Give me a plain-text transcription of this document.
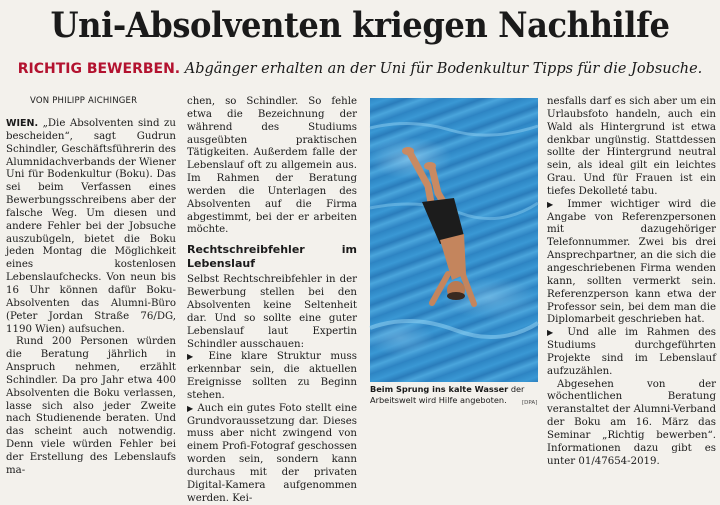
Uni-Absolventen kriegen Nachhilfe
RICHTIG BEWERBEN. Abgänger erhalten an der Uni für Bodenkultur Tipps für die Jobsuche.
VON PHILIPP AICHINGER

WIEN. „Die Absolventen sind zu bescheiden“, sagt Gudrun Schindler, Geschäftsführerin des Alumnidachverbands der Wiener Uni für Bodenkultur (Boku). Das sei beim Verfassen eines Bewerbungsschreibens aber der falsche Weg. Um diesen und andere Fehler bei der Jobsuche auszubügeln, bietet die Boku jeden Montag die Möglichkeit eines kostenlosen Lebenslaufchecks. Von neun bis 16 Uhr können dafür Boku-Absolventen das Alumni-Büro (Peter Jordan Straße 76/DG, 1190 Wien) aufsuchen.

Rund 200 Personen würden die Beratung jährlich in Anspruch nehmen, erzählt Schindler. Da pro Jahr etwa 400 Absolventen die Boku verlassen, lasse sich also jeder Zweite nach Studienende beraten. Und das scheint auch notwendig. Denn viele würden Fehler bei der Erstellung des Lebenslaufs ma-

chen, so Schindler. So fehle etwa die Bezeichnung der während des Studiums ausgeübten praktischen Tätigkeiten. Außerdem falle der Lebenslauf oft zu allgemein aus. Im Rahmen der Beratung werden die Unterlagen des Absolventen auf die Firma abgestimmt, bei der er arbeiten möchte.

Rechtschreibfehler im Lebenslauf

Selbst Rechtschreibfehler in der Bewerbung stellen bei den Absolventen keine Seltenheit dar. Und so sollte eine guter Lebenslauf laut Expertin Schindler ausschauen:

▶ Eine klare Struktur muss erkennbar sein, die aktuellen Ereignisse sollten zu Beginn stehen.

▶ Auch ein gutes Foto stellt eine Grundvoraussetzung dar. Dieses muss aber nicht zwingend von einem Profi-Fotograf geschossen worden sein, sondern kann durchaus mit der privaten Digital-Kamera aufgenommen werden. Kei-

Beim Sprung ins kalte Wasser der Arbeitswelt wird Hilfe angeboten.	[DPA]

nesfalls darf es sich aber um ein Urlaubsfoto handeln, auch ein Wald als Hintergrund ist etwa denkbar ungünstig. Stattdessen sollte der Hintergrund neutral sein, als ideal gilt ein leichtes Grau. Und für Frauen ist ein tiefes Dekolleté tabu.

▶ Immer wichtiger wird die Angabe von Referenzpersonen mit dazugehöriger Telefonnummer. Zwei bis drei Ansprechpartner, an die sich die angeschriebenen Firma wenden kann, sollten vermerkt sein. Referenzperson kann etwa der Professor sein, bei dem man die Diplomarbeit geschrieben hat.

▶ Und alle im Rahmen des Studiums durchgeführten Projekte sind im Lebenslauf aufzuzählen.

Abgesehen von der wöchentlichen Beratung veranstaltet der Alumni-Verband der Boku am 16. März das Seminar „Richtig bewerben“. Informationen dazu gibt es unter 01/47654-2019.
